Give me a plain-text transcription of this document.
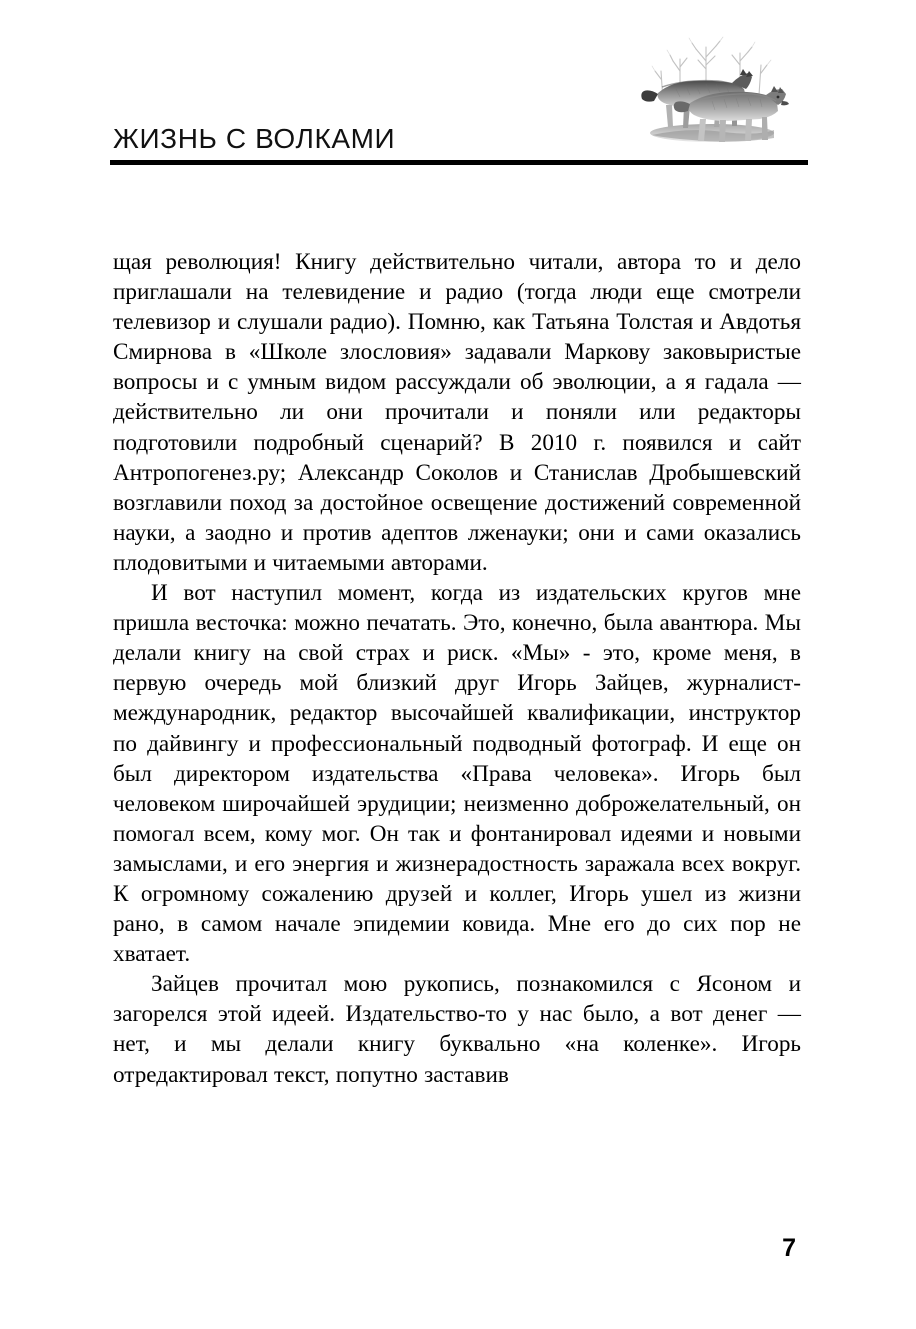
ЖИЗНЬ С ВОЛКАМИ

щая революция! Книгу действительно читали, автора то и дело приглашали на телевидение и радио (тогда люди еще смотрели телевизор и слушали радио). Помню, как Татьяна Толстая и Авдотья Смирнова в «Школе злословия» задавали Маркову заковыристые вопросы и с умным видом рассуждали об эволюции, а я гадала — действительно ли они прочитали и поняли или редакторы подготовили подробный сценарий? В 2010 г. появился и сайт Антропогенез.ру; Александр Соколов и Станислав Дробышевский возглавили поход за достойное освещение достижений современной науки, а заодно и против адептов лженауки; они и сами оказались плодовитыми и читаемыми авторами.

И вот наступил момент, когда из издательских кругов мне пришла весточка: можно печатать. Это, конечно, была авантюра. Мы делали книгу на свой страх и риск. «Мы» - это, кроме меня, в первую очередь мой близкий друг Игорь Зайцев, журналист-международник, редактор высочайшей квалификации, инструктор по дайвингу и профессиональный подводный фотограф. И еще он был директором издательства «Права человека». Игорь был человеком широчайшей эрудиции; неизменно доброжелательный, он помогал всем, кому мог. Он так и фонтанировал идеями и новыми замыслами, и его энергия и жизнерадостность заражала всех вокруг. К огромному сожалению друзей и коллег, Игорь ушел из жизни рано, в самом начале эпидемии ковида. Мне его до сих пор не хватает.

Зайцев прочитал мою рукопись, познакомился с Ясоном и загорелся этой идеей. Издательство-то у нас было, а вот денег — нет, и мы делали книгу буквально «на коленке». Игорь отредактировал текст, попутно заставив

7
